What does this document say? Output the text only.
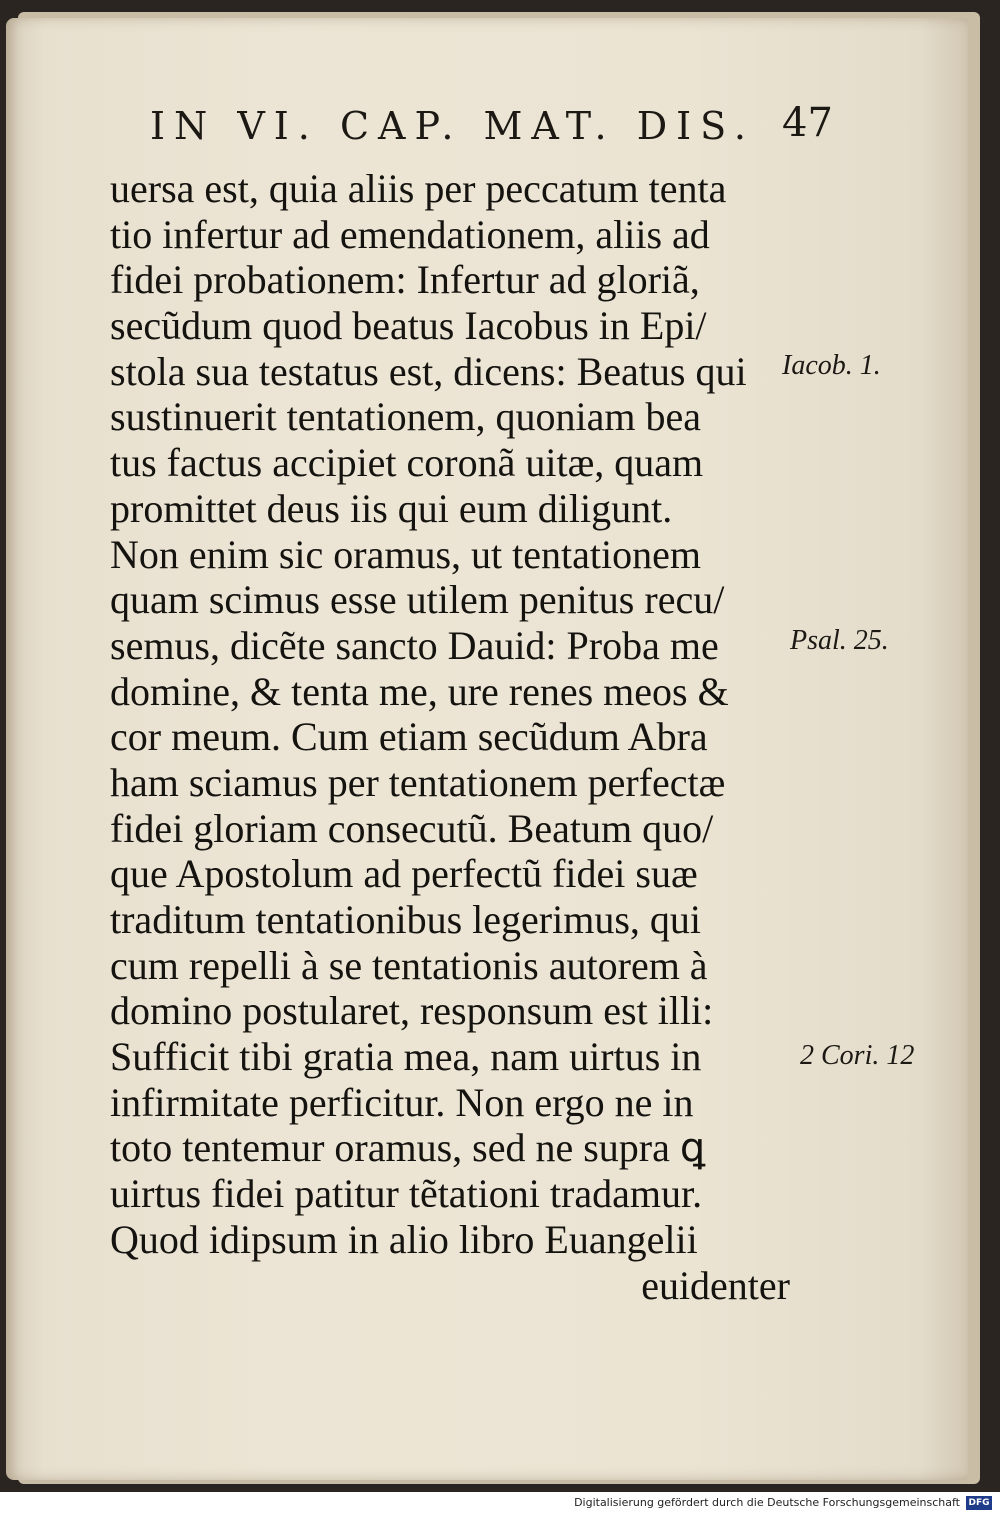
IN VI. CAP. MAT. DIS. 47
uersa est, quia aliis per peccatum tenta
tio infertur ad emendationem, aliis ad
fidei probationem: Infertur ad gloriã,
secũdum quod beatus Iacobus in Epi/
stola sua testatus est, dicens: Beatus qui
sustinuerit tentationem, quoniam bea
tus factus accipiet coronã uitæ, quam
promittet deus iis qui eum diligunt.
Non enim sic oramus, ut tentationem
quam scimus esse utilem penitus recu/
semus, dicẽte sancto Dauid: Proba me
domine, & tenta me, ure renes meos &
cor meum. Cum etiam secũdum Abra
ham sciamus per tentationem perfectæ
fidei gloriam consecutũ. Beatum quo/
que Apostolum ad perfectũ fidei suæ
traditum tentationibus legerimus, qui
cum repelli à se tentationis autorem à
domino postularet, responsum est illi:
Sufficit tibi gratia mea, nam uirtus in
infirmitate perficitur. Non ergo ne in
toto tentemur oramus, sed ne supra ꝗ
uirtus fidei patitur tẽtationi tradamur.
Quod idipsum in alio libro Euangelii
euidenter
Iacob. 1.
Psal. 25.
2 Cori. 12
Digitalisierung gefördert durch die Deutsche Forschungsgemeinschaft DFG
